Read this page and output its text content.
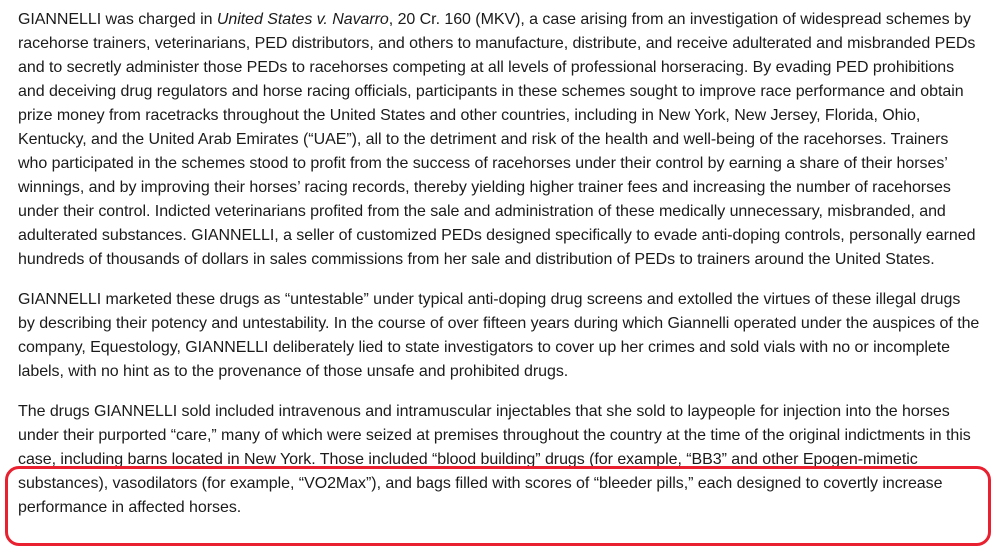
GIANNELLI was charged in United States v. Navarro, 20 Cr. 160 (MKV), a case arising from an investigation of widespread schemes by racehorse trainers, veterinarians, PED distributors, and others to manufacture, distribute, and receive adulterated and misbranded PEDs and to secretly administer those PEDs to racehorses competing at all levels of professional horseracing. By evading PED prohibitions and deceiving drug regulators and horse racing officials, participants in these schemes sought to improve race performance and obtain prize money from racetracks throughout the United States and other countries, including in New York, New Jersey, Florida, Ohio, Kentucky, and the United Arab Emirates (“UAE”), all to the detriment and risk of the health and well-being of the racehorses. Trainers who participated in the schemes stood to profit from the success of racehorses under their control by earning a share of their horses’ winnings, and by improving their horses’ racing records, thereby yielding higher trainer fees and increasing the number of racehorses under their control. Indicted veterinarians profited from the sale and administration of these medically unnecessary, misbranded, and adulterated substances. GIANNELLI, a seller of customized PEDs designed specifically to evade anti-doping controls, personally earned hundreds of thousands of dollars in sales commissions from her sale and distribution of PEDs to trainers around the United States.

GIANNELLI marketed these drugs as “untestable” under typical anti-doping drug screens and extolled the virtues of these illegal drugs by describing their potency and untestability. In the course of over fifteen years during which Giannelli operated under the auspices of the company, Equestology, GIANNELLI deliberately lied to state investigators to cover up her crimes and sold vials with no or incomplete labels, with no hint as to the provenance of those unsafe and prohibited drugs.

The drugs GIANNELLI sold included intravenous and intramuscular injectables that she sold to laypeople for injection into the horses under their purported “care,” many of which were seized at premises throughout the country at the time of the original indictments in this case, including barns located in New York. Those included “blood building” drugs (for example, “BB3” and other Epogen-mimetic substances), vasodilators (for example, “VO2Max”), and bags filled with scores of “bleeder pills,” each designed to covertly increase performance in affected horses.
